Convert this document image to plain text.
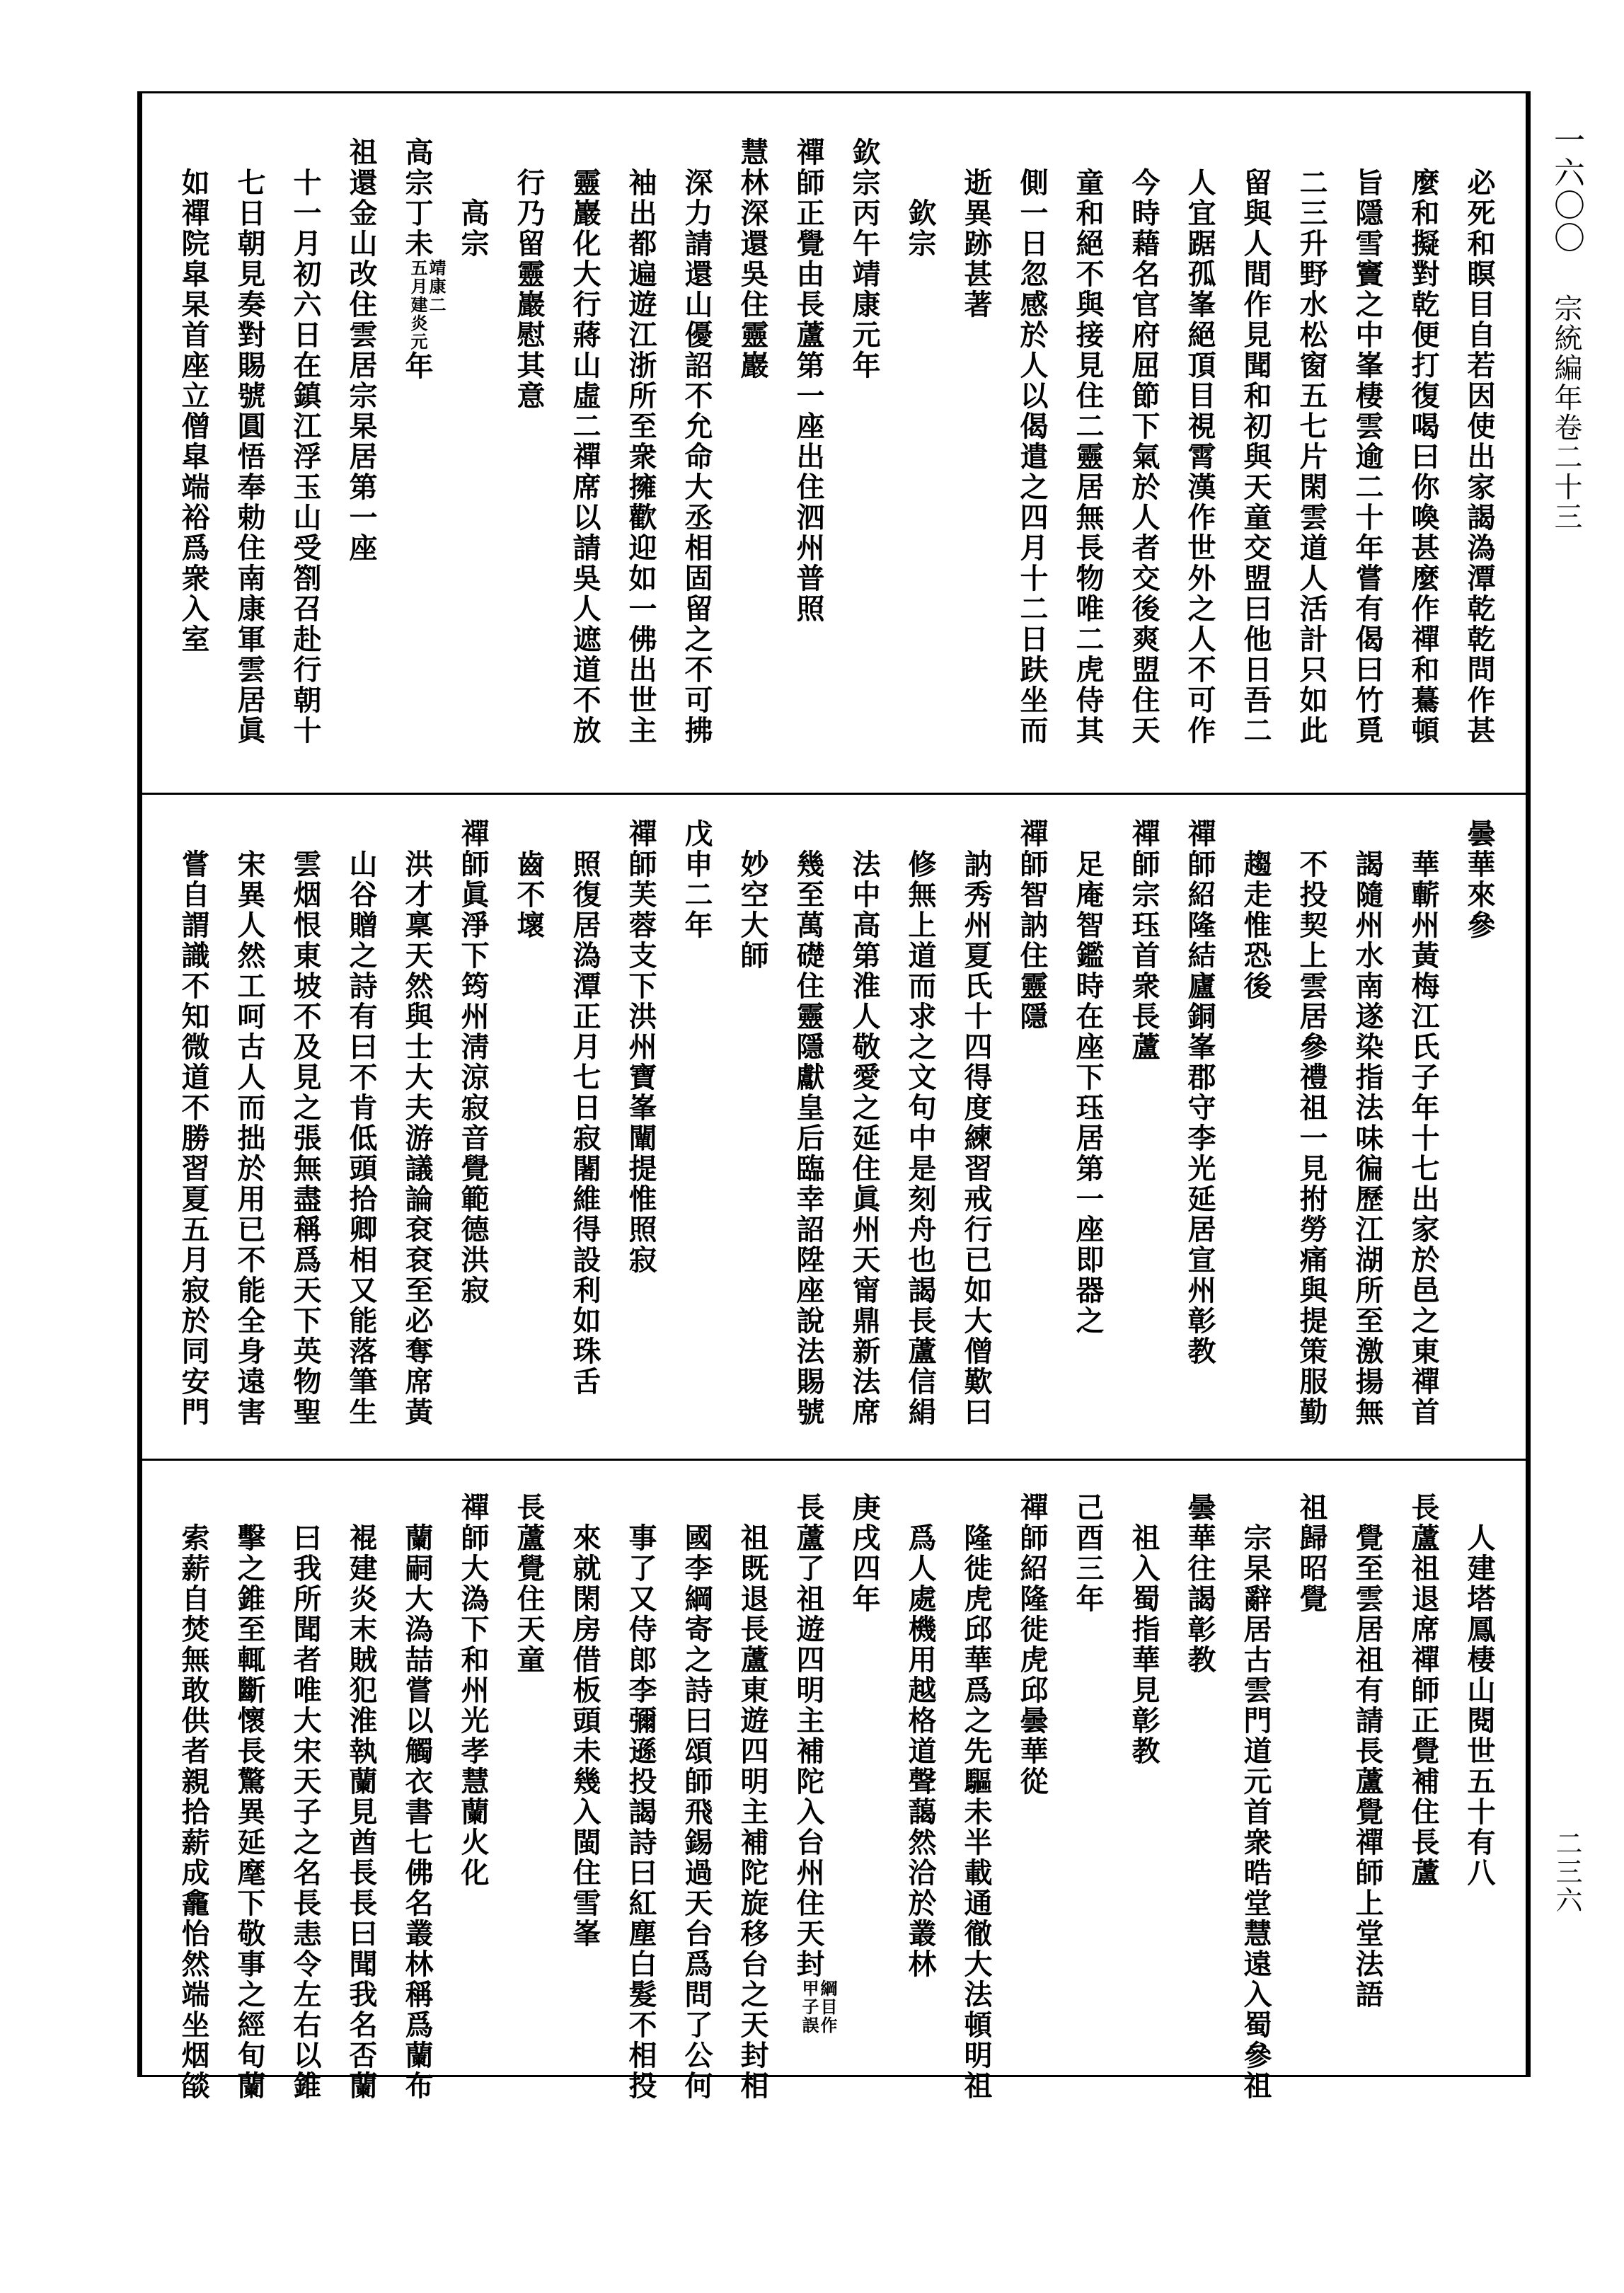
一六〇〇 宗統編年卷二十三
必死和瞑目自若因使出家謁溈潭乾乾問作甚
麼和擬對乾便打復喝曰你喚甚麼作禪和驀頓
旨隱雪竇之中峯棲雲逾二十年嘗有偈曰竹覓
二三升野水松窗五七片閑雲道人活計只如此
留與人間作見聞和初與天童交盟曰他日吾二
人宜踞孤峯絕頂目視霄漢作世外之人不可作
今時藉名官府屈節下氣於人者交後爽盟住天
童和絕不與接見住二靈居無長物唯二虎侍其
側一日忽感於人以偈遣之四月十二日趺坐而
逝異跡甚著
欽宗
欽宗丙午靖康元年
禪師正覺由長蘆第一座出住泗州普照
慧林深還吳住靈巖
深力請還山優詔不允命大丞相固留之不可拂
袖出都遍遊江浙所至衆擁歡迎如一佛出世主
靈巖化大行蔣山虛二禪席以請吳人遮道不放
行乃留靈巖慰其意
高宗
高宗丁未
靖康二
五月建炎元
年
祖還金山改住雲居宗杲居第一座
十一月初六日在鎮江浮玉山受劄召赴行朝十
七日朝見奏對賜號圓悟奉勅住南康軍雲居眞
如禪院皐杲首座立僧皐端裕爲衆入室
曇華來參
華蘄州黃梅江氏子年十七出家於邑之東禪首
謁隨州水南遂染指法味徧歷江湖所至激揚無
不投契上雲居參禮祖一見拊勞痛與提策服勤
趨走惟恐後
禪師紹隆結廬銅峯郡守李光延居宣州彰教
禪師宗珏首衆長蘆
足庵智鑑時在座下珏居第一座即器之
禪師智訥住靈隱
訥秀州夏氏十四得度練習戒行已如大僧歎曰
修無上道而求之文句中是刻舟也謁長蘆信絹
法中高第淮人敬愛之延住眞州天甯鼎新法席
幾至萬礎住靈隱獻皇后臨幸詔陞座說法賜號
妙空大師
戊申二年
禪師芙蓉支下洪州寶峯闡提惟照寂
照復居溈潭正月七日寂闍維得設利如珠舌
齒不壞
禪師眞淨下筠州淸涼寂音覺範德洪寂
洪才稟天然與士大夫游議論袞袞至必奪席黃
山谷贈之詩有曰不肯低頭拾卿相又能落筆生
雲烟恨東坡不及見之張無盡稱爲天下英物聖
宋異人然工呵古人而拙於用已不能全身遠害
嘗自謂識不知微道不勝習夏五月寂於同安門
人建塔鳳棲山閱世五十有八
長蘆祖退席禪師正覺補住長蘆
覺至雲居祖有請長蘆覺禪師上堂法語
祖歸昭覺
宗杲辭居古雲門道元首衆晧堂慧遠入蜀參祖
曇華往謁彰教
祖入蜀指華見彰教
己酉三年
禪師紹隆徙虎邱曇華從
隆徙虎邱華爲之先驅未半載通徹大法頓明祖
爲人處機用越格道聲藹然洽於叢林
庚戌四年
長蘆了祖遊四明主補陀入台州住天封
綱目作
甲子誤
祖既退長蘆東遊四明主補陀旋移台之天封相
國李綱寄之詩曰頌師飛錫過天台爲問了公何
事了又侍郎李彌遜投謁詩曰紅塵白髮不相投
來就閑房借板頭未幾入閩住雪峯
長蘆覺住天童
禪師大溈下和州光孝慧蘭火化
蘭嗣大溈喆嘗以觸衣書七佛名叢林稱爲蘭布
裩建炎末賊犯淮執蘭見酋長長曰聞我名否蘭
曰我所聞者唯大宋天子之名長恚令左右以錐
擊之錐至輒斷懷長驚異延麾下敬事之經旬蘭
索薪自焚無敢供者親拾薪成龕怡然端坐烟燄	二三六
